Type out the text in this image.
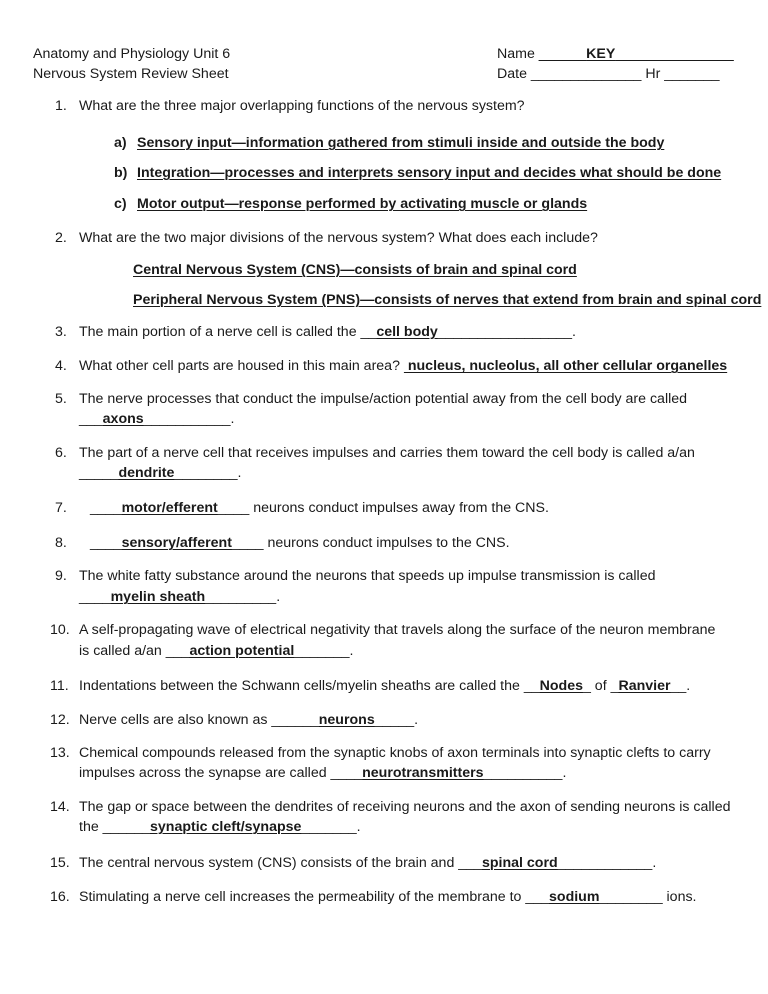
Anatomy and Physiology Unit 6
Nervous System Review Sheet
Name ______KEY_______________
Date ______________ Hr _______
1. What are the three major overlapping functions of the nervous system?
a) Sensory input—information gathered from stimuli inside and outside the body
b) Integration—processes and interprets sensory input and decides what should be done
c) Motor output—response performed by activating muscle or glands
2. What are the two major divisions of the nervous system? What does each include?
Central Nervous System (CNS)—consists of brain and spinal cord
Peripheral Nervous System (PNS)—consists of nerves that extend from brain and spinal cord
3. The main portion of a nerve cell is called the __cell body_________________.
4. What other cell parts are housed in this main area?  nucleus, nucleolus, all other cellular organelles
5. The nerve processes that conduct the impulse/action potential away from the cell body are called
___axons___________.
6. The part of a nerve cell that receives impulses and carries them toward the cell body is called a/an
_____dendrite________.
7. ____motor/efferent____ neurons conduct impulses away from the CNS.
8. ____sensory/afferent____ neurons conduct impulses to the CNS.
9. The white fatty substance around the neurons that speeds up impulse transmission is called
____myelin sheath_________.
10. A self-propagating wave of electrical negativity that travels along the surface of the neuron membrane
is called a/an ___action potential_______.
11. Indentations between the Schwann cells/myelin sheaths are called the __Nodes_ of _Ranvier__.
12. Nerve cells are also known as ______neurons_____.
13. Chemical compounds released from the synaptic knobs of axon terminals into synaptic clefts to carry
impulses across the synapse are called ____neurotransmitters__________.
14. The gap or space between the dendrites of receiving neurons and the axon of sending neurons is called
the ______synaptic cleft/synapse_______.
15. The central nervous system (CNS) consists of the brain and ___spinal cord____________.
16. Stimulating a nerve cell increases the permeability of the membrane to ___sodium________ ions.
